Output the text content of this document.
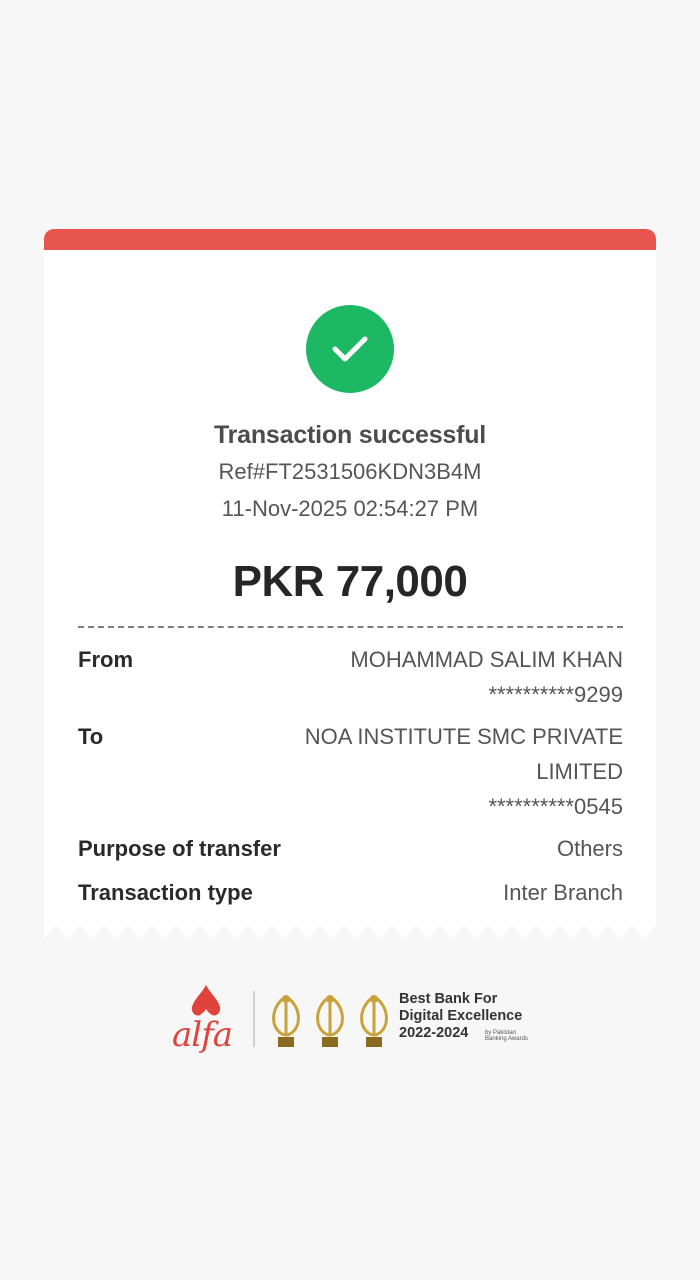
Transaction successful
Ref#FT2531506KDN3B4M
11-Nov-2025 02:54:27 PM
PKR 77,000
From	MOHAMMAD SALIM KHAN
**********9299
To	NOA INSTITUTE SMC PRIVATE
LIMITED
**********0545
Purpose of transfer	Others
Transaction type	Inter Branch
alfa
Best Bank For
Digital Excellence
2022-2024	by Pakistan
Banking Awards
